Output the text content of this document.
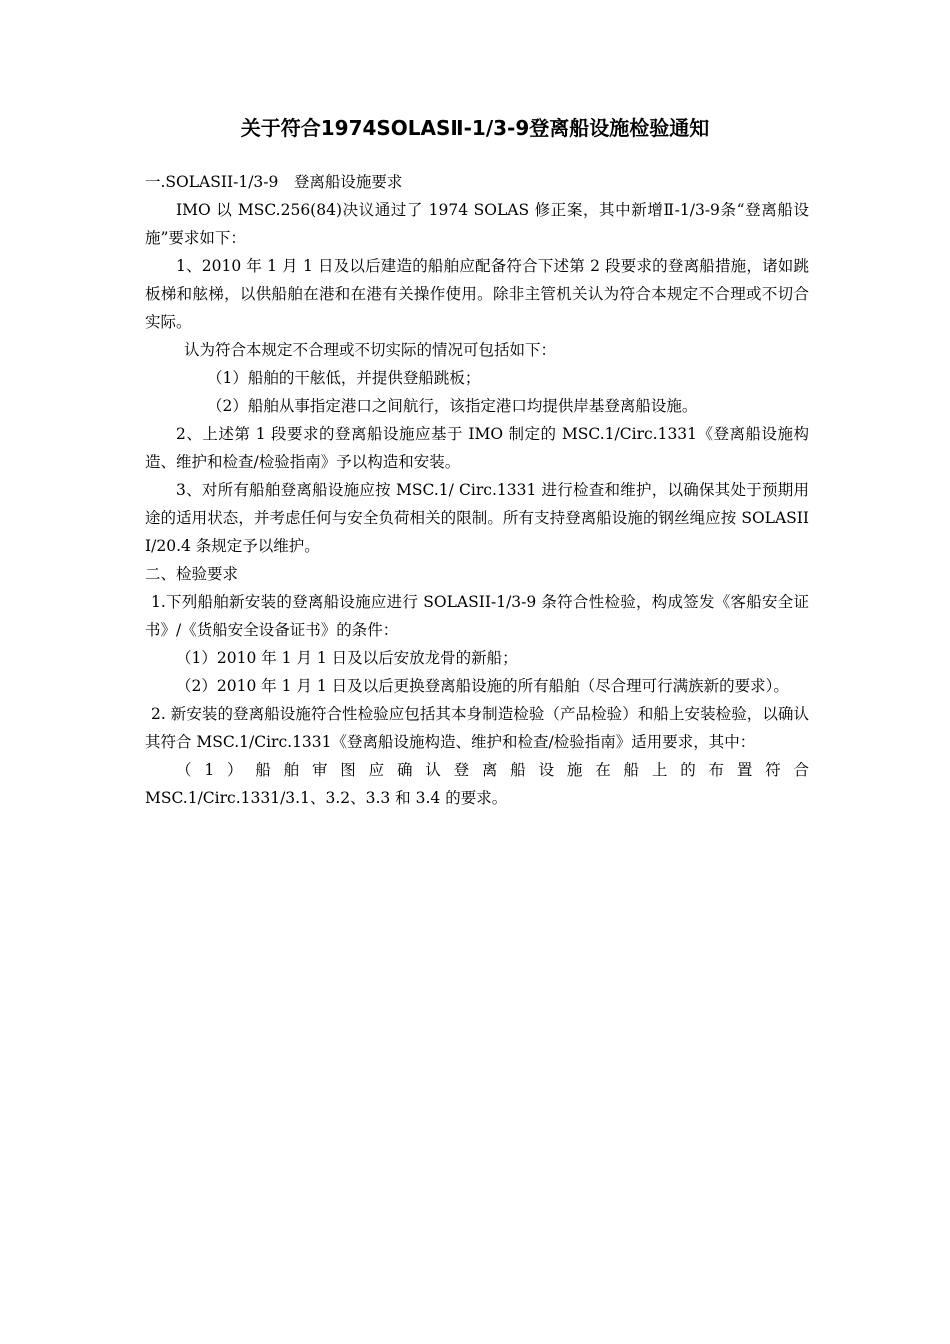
关于符合1974SOLASⅡ-1/3-9登离船设施检验通知

一.SOLASII-1/3-9　登离船设施要求

IMO 以 MSC.256(84)决议通过了 1974 SOLAS 修正案，其中新增Ⅱ-1/3-9条“登离船设施”要求如下：

1、2010 年 1 月 1 日及以后建造的船舶应配备符合下述第 2 段要求的登离船措施，诸如跳板梯和舷梯，以供船舶在港和在港有关操作使用。除非主管机关认为符合本规定不合理或不切合实际。

认为符合本规定不合理或不切实际的情况可包括如下：

（1）船舶的干舷低，并提供登船跳板；

（2）船舶从事指定港口之间航行，该指定港口均提供岸基登离船设施。

2、上述第 1 段要求的登离船设施应基于 IMO 制定的 MSC.1/Circ.1331《登离船设施构造、维护和检查/检验指南》予以构造和安装。

3、对所有船舶登离船设施应按 MSC.1/ Circ.1331 进行检查和维护，以确保其处于预期用途的适用状态，并考虑任何与安全负荷相关的限制。所有支持登离船设施的钢丝绳应按 SOLASIII/20.4 条规定予以维护。

二、检验要求

1.下列船舶新安装的登离船设施应进行 SOLASII-1/3-9 条符合性检验，构成签发《客船安全证书》/《货船安全设备证书》的条件：

（1）2010 年 1 月 1 日及以后安放龙骨的新船；

（2）2010 年 1 月 1 日及以后更换登离船设施的所有船舶（尽合理可行满族新的要求）。

2. 新安装的登离船设施符合性检验应包括其本身制造检验（产品检验）和船上安装检验，以确认其符合 MSC.1/Circ.1331《登离船设施构造、维护和检查/检验指南》适用要求，其中：

（1）船舶审图应确认登离船设施在船上的布置符合

MSC.1/Circ.1331/3.1、3.2、3.3 和 3.4 的要求。
